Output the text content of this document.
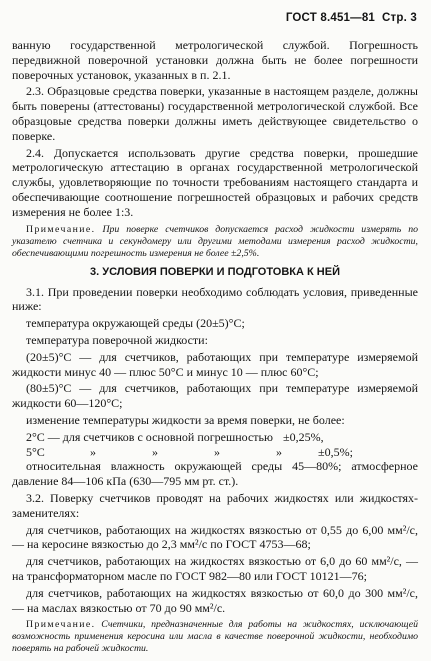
ГОСТ 8.451—81 Стр. 3

ванную государственной метрологической службой. Погрешность передвижной поверочной установки должна быть не более погрешности поверочных установок, указанных в п. 2.1.

2.3. Образцовые средства поверки, указанные в настоящем разделе, должны быть поверены (аттестованы) государственной метрологической службой. Все образцовые средства поверки должны иметь действующее свидетельство о поверке.

2.4. Допускается использовать другие средства поверки, прошедшие метрологическую аттестацию в органах государственной метрологической службы, удовлетворяющие по точности требованиям настоящего стандарта и обеспечивающие соотношение погрешностей образцовых и рабочих средств измерения не более 1:3.

Примечание. При поверке счетчиков допускается расход жидкости измерять по указателю счетчика и секундомеру или другими методами измерения расход жидкости, обеспечивающими погрешность измерения не более ±2,5%.

3. УСЛОВИЯ ПОВЕРКИ И ПОДГОТОВКА К НЕЙ

3.1. При проведении поверки необходимо соблюдать условия, приведенные ниже:

температура окружающей среды (20±5)°С;

температура поверочной жидкости:

(20±5)°С — для счетчиков, работающих при температуре измеряемой жидкости минус 40 — плюс 50°С и минус 10 — плюс 60°С;

(80±5)°С — для счетчиков, работающих при температуре измеряемой жидкости 60—120°С;

изменение температуры жидкости за время поверки, не более:

2°С — для счетчиков с основной погрешностью ±0,25%,
5°С	»	»	»	»	±0,5%;

относительная влажность окружающей среды 45—80%; атмосферное давление 84—106 кПа (630—795 мм рт. ст.).

3.2. Поверку счетчиков проводят на рабочих жидкостях или жидкостях-заменителях:

для счетчиков, работающих на жидкостях вязкостью от 0,55 до 6,00 мм²/с, — на керосине вязкостью до 2,3 мм²/с по ГОСТ 4753—68;

для счетчиков, работающих на жидкостях вязкостью от 6,0 до 60 мм²/с, — на трансформаторном масле по ГОСТ 982—80 или ГОСТ 10121—76;

для счетчиков, работающих на жидкостях вязкостью от 60,0 до 300 мм²/с, — на маслах вязкостью от 70 до 90 мм²/с.

Примечание. Счетчики, предназначенные для работы на жидкостях, исключающей возможность применения керосина или масла в качестве поверочной жидкости, необходимо поверять на рабочей жидкости.
